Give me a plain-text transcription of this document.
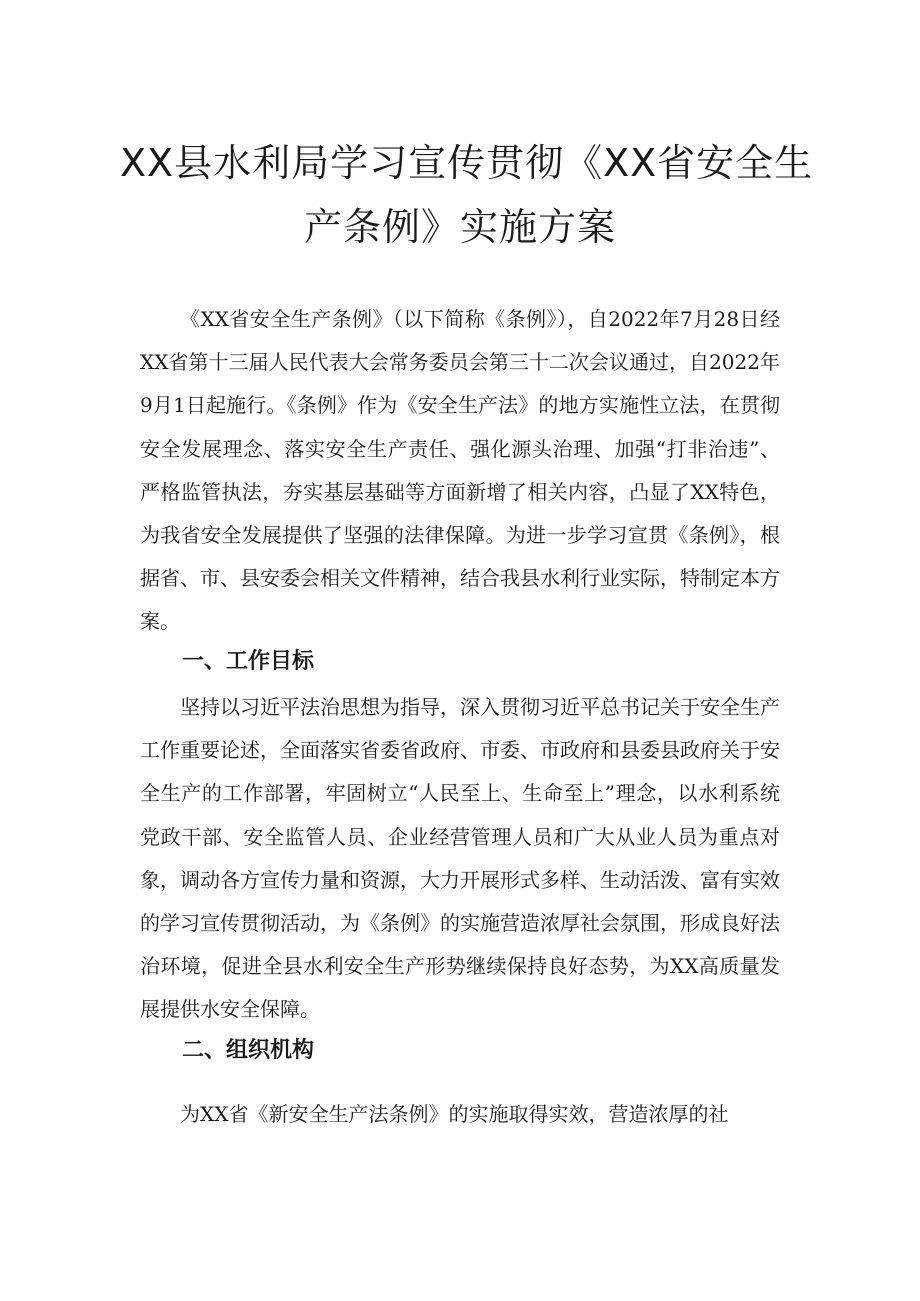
XX县水利局学习宣传贯彻《XX省安全生
产条例》实施方案

《XX省安全生产条例》（以下简称《条例》），自2022年7月28日经XX省第十三届人民代表大会常务委员会第三十二次会议通过，自2022年9月1日起施行。《条例》作为《安全生产法》的地方实施性立法，在贯彻安全发展理念、落实安全生产责任、强化源头治理、加强“打非治违”、严格监管执法，夯实基层基础等方面新增了相关内容，凸显了XX特色，为我省安全发展提供了坚强的法律保障。为进一步学习宣贯《条例》，根据省、市、县安委会相关文件精神，结合我县水利行业实际，特制定本方案。

一、工作目标

坚持以习近平法治思想为指导，深入贯彻习近平总书记关于安全生产工作重要论述，全面落实省委省政府、市委、市政府和县委县政府关于安全生产的工作部署，牢固树立“人民至上、生命至上”理念，以水利系统党政干部、安全监管人员、企业经营管理人员和广大从业人员为重点对象，调动各方宣传力量和资源，大力开展形式多样、生动活泼、富有实效的学习宣传贯彻活动，为《条例》的实施营造浓厚社会氛围，形成良好法治环境，促进全县水利安全生产形势继续保持良好态势，为XX高质量发展提供水安全保障。

二、组织机构

为XX省《新安全生产法条例》的实施取得实效，营造浓厚的社
